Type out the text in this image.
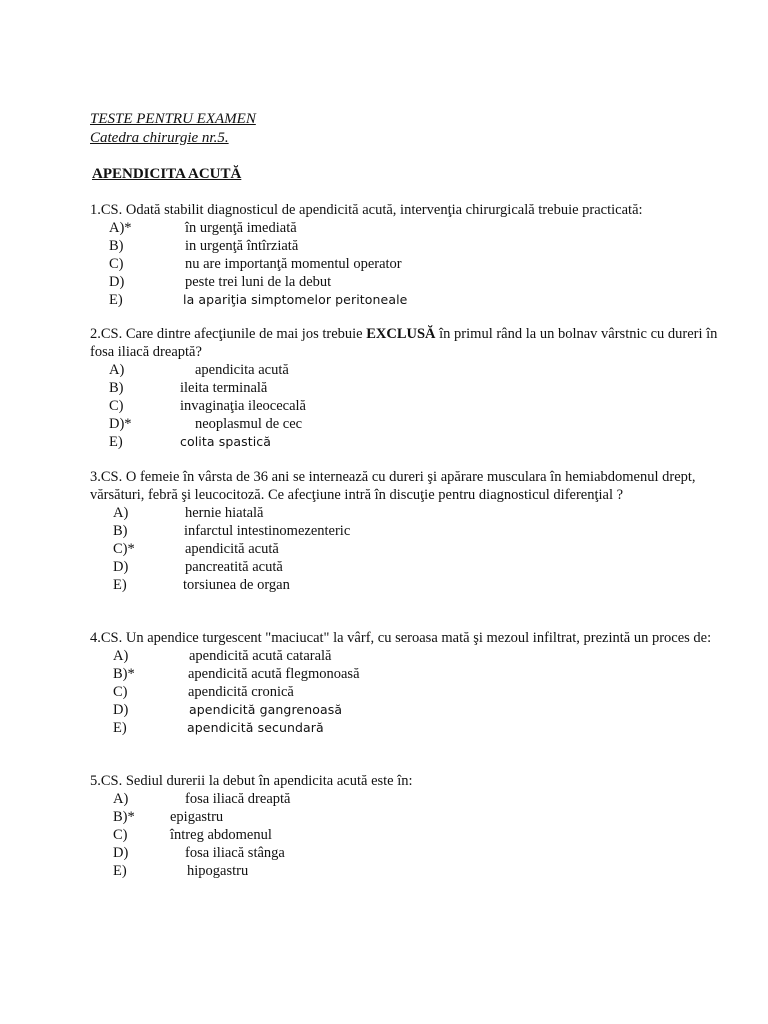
TESTE PENTRU EXAMEN
Catedra chirurgie nr.5.
APENDICITA ACUTĂ
1.CS. Odată stabilit diagnosticul de apendicită acută, intervenţia chirurgicală trebuie practicată:
A)*	în urgenţă imediată
B)	in urgenţă întîrziată
C)	nu are importanţă momentul operator
D)	peste trei luni de la debut
E)	la apariţia simptomelor peritoneale
2.CS. Care dintre afecţiunile de mai jos trebuie EXCLUSĂ în primul rând la un bolnav vârstnic cu dureri în fosa iliacă dreaptă?
A)	apendicita acută
B)	ileita terminală
C)	invaginaţia ileocecală
D)*	neoplasmul de cec
E)	colita spastică
3.CS. O femeie în vârsta de 36 ani se internează cu dureri şi apărare musculara în hemiabdomenul drept, vărsături, febră şi leucocitoză. Ce afecţiune intră în discuţie pentru diagnosticul diferenţial ?
A)	hernie hiatală
B)	infarctul intestinomezenteric
C)*	apendicită acută
D)	pancreatită acută
E)	torsiunea de organ
4.CS. Un apendice turgescent "maciucat" la vârf, cu seroasa mată şi mezoul infiltrat, prezintă un proces de:
A)	apendicită acută catarală
B)*	apendicită acută flegmonoasă
C)	apendicită cronică
D)	apendicită gangrenoasă
E)	apendicită secundară
5.CS. Sediul durerii la debut în apendicita acută este în:
A)	fosa iliacă dreaptă
B)* epigastru
C)	întreg abdomenul
D)	fosa iliacă stânga
E)	hipogastru
